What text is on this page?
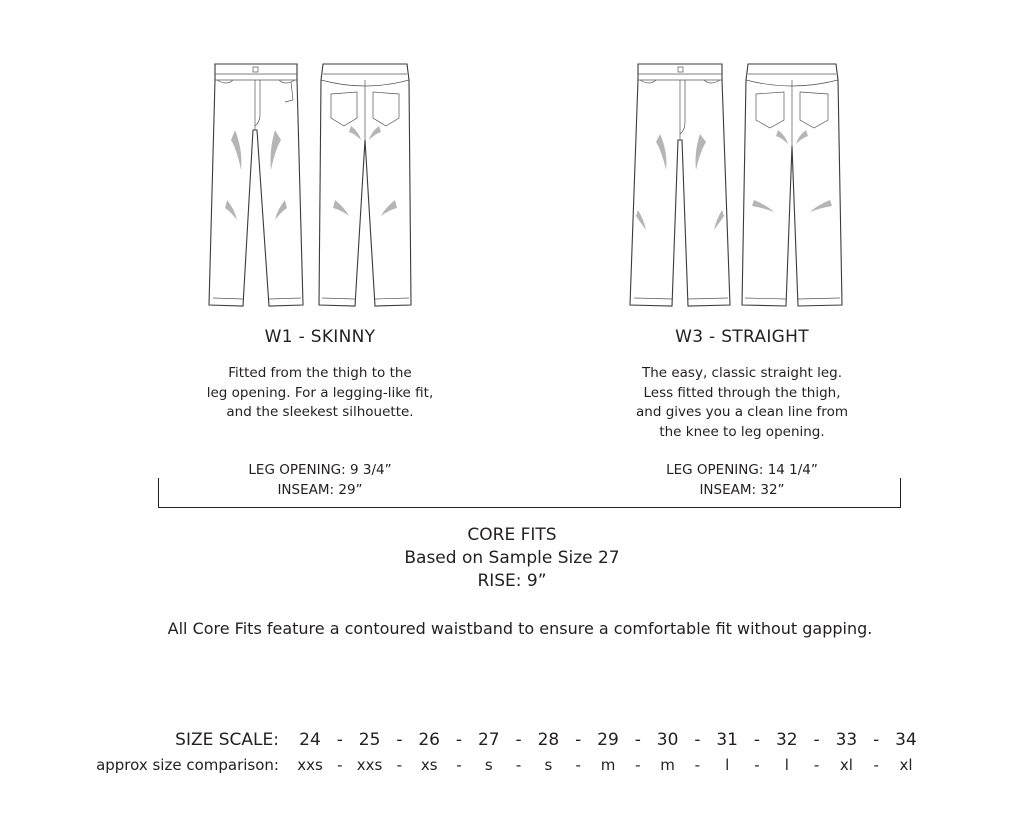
W1 - SKINNY
Fitted from the thigh to the
leg opening. For a legging-like fit,
and the sleekest silhouette.
LEG OPENING: 9 3/4”
INSEAM: 29”
W3 - STRAIGHT
The easy, classic straight leg.
Less fitted through the thigh,
and gives you a clean line from
the knee to leg opening.
LEG OPENING: 14 1/4”
INSEAM: 32”
CORE FITS
Based on Sample Size 27
RISE: 9”
All Core Fits feature a contoured waistband to ensure a comfortable fit without gapping.
SIZE SCALE: 24 - 25 - 26 - 27 - 28 - 29 - 30 - 31 - 32 - 33 - 34
approx size comparison: xxs - xxs - xs - s - s - m - m - l - l - xl - xl
